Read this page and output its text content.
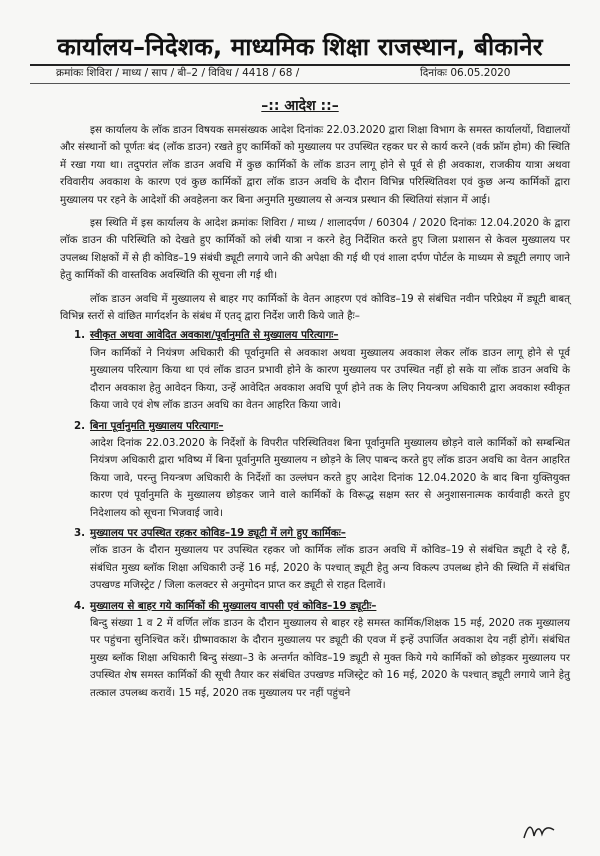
कार्यालय–निदेशक, माध्यमिक शिक्षा राजस्थान, बीकानेर
क्रमांकः शिविरा / माध्य / साप / बी–2 / विविध / 4418 / 68 /	दिनांकः 06.05.2020
–:: आदेश ::–

इस कार्यालय के लॉक डाउन विषयक समसंख्यक आदेश दिनांकः 22.03.2020 द्वारा शिक्षा विभाग के समस्त कार्यालयों, विद्यालयों और संस्थानों को पूर्णतः बंद (लॉक डाउन) रखते हुए कार्मिकों को मुख्यालय पर उपस्थित रहकर घर से कार्य करने (वर्क फ्रॉम होम) की स्थिति में रखा गया था। तदुपरांत लॉक डाउन अवधि में कुछ कार्मिकों के लॉक डाउन लागू होने से पूर्व से ही अवकाश, राजकीय यात्रा अथवा रविवारीय अवकाश के कारण एवं कुछ कार्मिकों द्वारा लॉक डाउन अवधि के दौरान विभिन्न परिस्थितिवश एवं कुछ अन्य कार्मिकों द्वारा मुख्यालय पर रहने के आदेशों की अवहेलना कर बिना अनुमति मुख्यालय से अन्यत्र प्रस्थान की स्थितियां संज्ञान में आई।

इस स्थिति में इस कार्यालय के आदेश क्रमांकः शिविरा / माध्य / शालादर्पण / 60304 / 2020 दिनांकः 12.04.2020 के द्वारा लॉक डाउन की परिस्थिति को देखते हुए कार्मिकों को लंबी यात्रा न करने हेतु निर्देशित करते हुए जिला प्रशासन से केवल मुख्यालय पर उपलब्ध शिक्षकों में से ही कोविड–19 संबंधी ड्यूटी लगाये जाने की अपेक्षा की गई थी एवं शाला दर्पण पोर्टल के माध्यम से ड्यूटी लगाए जाने हेतु कार्मिकों की वास्तविक अवस्थिति की सूचना ली गई थी।

लॉक डाउन अवधि में मुख्यालय से बाहर गए कार्मिकों के वेतन आहरण एवं कोविड–19 से संबंधित नवीन परिप्रेक्ष्य में ड्यूटी बाबत् विभिन्न स्तरों से वांछित मार्गदर्शन के संबंध में एतद् द्वारा निर्देश जारी किये जाते हैः–

1. स्वीकृत अथवा आवेदित अवकाश/पूर्वानुमति से मुख्यालय परित्यागः–

जिन कार्मिकों ने नियंत्रण अधिकारी की पूर्वानुमति से अवकाश अथवा मुख्यालय अवकाश लेकर लॉक डाउन लागू होने से पूर्व मुख्यालय परित्याग किया था एवं लॉक डाउन प्रभावी होने के कारण मुख्यालय पर उपस्थित नहीं हो सके या लॉक डाउन अवधि के दौरान अवकाश हेतु आवेदन किया, उन्हें आवेदित अवकाश अवधि पूर्ण होने तक के लिए नियन्त्रण अधिकारी द्वारा अवकाश स्वीकृत किया जावे एवं शेष लॉक डाउन अवधि का वेतन आहरित किया जावे।

2. बिना पूर्वानुमति मुख्यालय परित्यागः–

आदेश दिनांक 22.03.2020 के निर्देशों के विपरीत परिस्थितिवश बिना पूर्वानुमति मुख्यालय छोड़ने वाले कार्मिकों को सम्बन्धित नियंत्रण अधिकारी द्वारा भविष्य में बिना पूर्वानुमति मुख्यालय न छोड़ने के लिए पाबन्द करते हुए लॉक डाउन अवधि का वेतन आहरित किया जावे, परन्तु नियन्त्रण अधिकारी के निर्देशों का उल्लंघन करते हुए आदेश दिनांक 12.04.2020 के बाद बिना युक्तियुक्त कारण एवं पूर्वानुमति के मुख्यालय छोड़कर जाने वाले कार्मिकों के विरूद्ध सक्षम स्तर से अनुशासनात्मक कार्यवाही करते हुए निदेशालय को सूचना भिजवाई जावे।

3. मुख्यालय पर उपस्थित रहकर कोविड–19 ड्यूटी में लगे हुए कार्मिकः–

लॉक डाउन के दौरान मुख्यालय पर उपस्थित रहकर जो कार्मिक लॉक डाउन अवधि में कोविड–19 से संबंधित ड्यूटी दे रहे हैं, संबंधित मुख्य ब्लॉक शिक्षा अधिकारी उन्हें 16 मई, 2020 के पश्चात् ड्यूटी हेतु अन्य विकल्प उपलब्ध होने की स्थिति में संबंधित उपखण्ड मजिस्ट्रेट / जिला कलक्टर से अनुमोदन प्राप्त कर ड्यूटी से राहत दिलावें।

4. मुख्यालय से बाहर गये कार्मिकों की मुख्यालय वापसी एवं कोविड–19 ड्यूटीः–

बिन्दु संख्या 1 व 2 में वर्णित लॉक डाउन के दौरान मुख्यालय से बाहर रहे समस्त कार्मिक/शिक्षक 15 मई, 2020 तक मुख्यालय पर पहुंचना सुनिश्चित करें। ग्रीष्मावकाश के दौरान मुख्यालय पर ड्यूटी की एवज में इन्हें उपार्जित अवकाश देय नहीं होगें। संबंधित मुख्य ब्लॉक शिक्षा अधिकारी बिन्दु संख्या–3 के अन्तर्गत कोविड–19 ड्यूटी से मुक्त किये गये कार्मिकों को छोड़कर मुख्यालय पर उपस्थित शेष समस्त कार्मिकों की सूची तैयार कर संबंधित उपखण्ड मजिस्ट्रेट को 16 मई, 2020 के पश्चात् ड्यूटी लगाये जाने हेतु तत्काल उपलब्ध करावें। 15 मई, 2020 तक मुख्यालय पर नहीं पहुंचने
